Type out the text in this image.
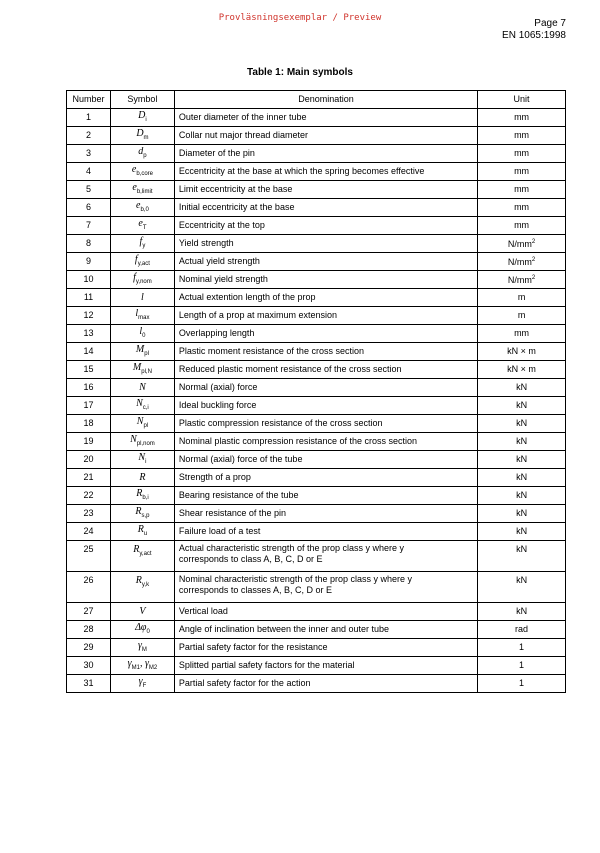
Provläsningsexemplar / Preview	Page 7
EN 1065:1998
Table 1: Main symbols
Number	Symbol	Denomination	Unit
1	$D_i$	Outer diameter of the inner tube	mm
2	$D_m$	Collar nut major thread diameter	mm
3	$d_p$	Diameter of the pin	mm
4	$e_{b,core}$	Eccentricity at the base at which the spring becomes effective	mm
5	$e_{b,limit}$	Limit eccentricity at the base	mm
6	$e_{b,0}$	Initial eccentricity at the base	mm
7	$e_T$	Eccentricity at the top	mm
8	$f_y$	Yield strength	$N/mm^2$
9	$f_{y,act}$	Actual yield strength	$N/mm^2$
10	$f_{y,nom}$	Nominal yield strength	$N/mm^2$
11	l	Actual extention length of the prop	m
12	$l_{max}$	Length of a prop at maximum extension	m
13	$l_0$	Overlapping length	mm
14	$M_{pl}$	Plastic moment resistance of the cross section	kN × m
15	$M_{pl,N}$	Reduced plastic moment resistance of the cross section	kN × m
16	N	Normal (axial) force	kN
17	$N_{c,i}$	Ideal buckling force	kN
18	$N_{pl}$	Plastic compression resistance of the cross section	kN
19	$N_{pl,nom}$	Nominal plastic compression resistance of the cross section	kN
20	$N_i$	Normal (axial) force of the tube	kN
21	R	Strength of a prop	kN
22	$R_{b,i}$	Bearing resistance of the tube	kN
23	$R_{s,p}$	Shear resistance of the pin	kN
24	$R_u$	Failure load of a test	kN
25	$R_{y,act}$	Actual characteristic strength of the prop class y where y
corresponds to class A, B, C, D or E	kN
26	$R_{y,k}$	Nominal characteristic strength of the prop class y where y
corresponds to classes A, B, C, D or E	kN
27	V	Vertical load	kN
28	$\Delta\varphi_0$	Angle of inclination between the inner and outer tube	rad
29	$\gamma_M$	Partial safety factor for the resistance	1
30	$\gamma_{M1}$, $\gamma_{M2}$	Splitted partial safety factors for the material	1
31	$\gamma_F$	Partial safety factor for the action	1
